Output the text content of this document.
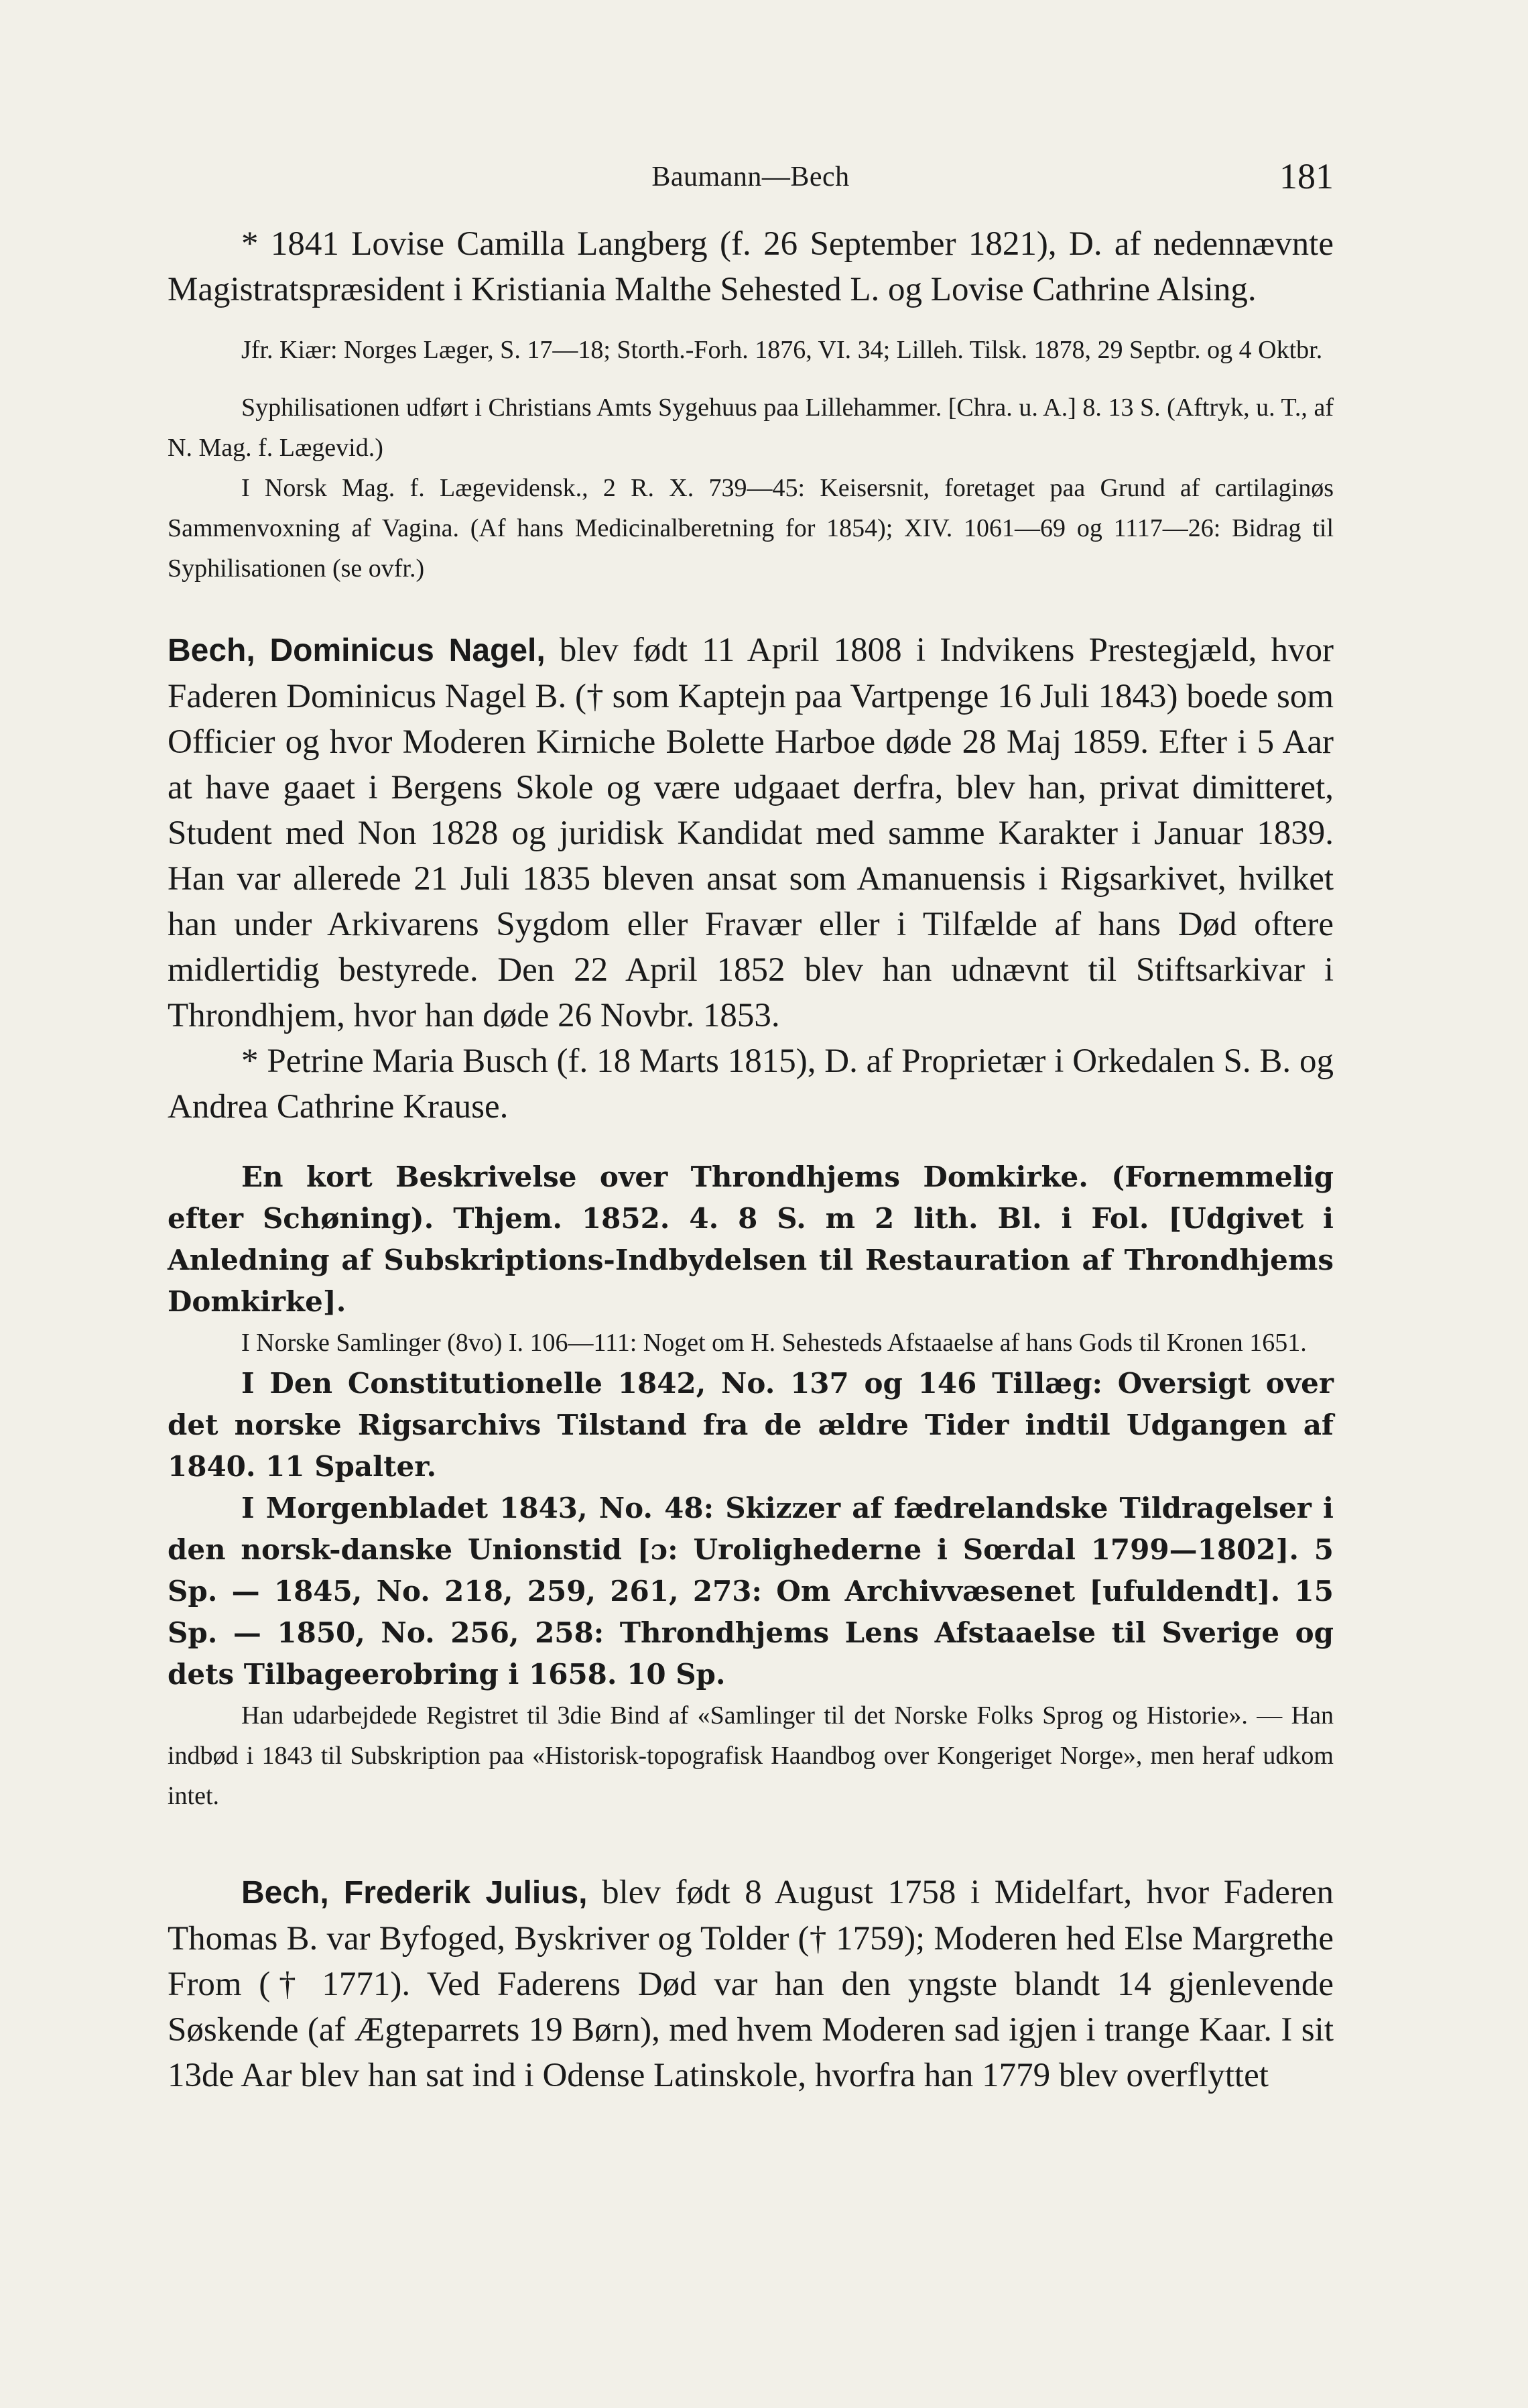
Baumann—Bech	181

* 1841 Lovise Camilla Langberg (f. 26 September 1821), D. af nedennævnte Magistratspræsident i Kristiania Malthe Sehested L. og Lovise Cathrine Alsing.

Jfr. Kiær: Norges Læger, S. 17—18; Storth.-Forh. 1876, VI. 34; Lilleh. Tilsk. 1878, 29 Septbr. og 4 Oktbr.

Syphilisationen udført i Christians Amts Sygehuus paa Lillehammer. [Chra. u. A.] 8. 13 S. (Aftryk, u. T., af N. Mag. f. Lægevid.)

I Norsk Mag. f. Lægevidensk., 2 R. X. 739—45: Keisersnit, foretaget paa Grund af cartilaginøs Sammenvoxning af Vagina. (Af hans Medicinalberetning for 1854); XIV. 1061—69 og 1117—26: Bidrag til Syphilisationen (se ovfr.)

Bech, Dominicus Nagel, blev født 11 April 1808 i Indvikens Prestegjæld, hvor Faderen Dominicus Nagel B. († som Kaptejn paa Vartpenge 16 Juli 1843) boede som Officier og hvor Moderen Kirniche Bolette Harboe døde 28 Maj 1859. Efter i 5 Aar at have gaaet i Bergens Skole og være udgaaet derfra, blev han, privat dimitteret, Student med Non 1828 og juridisk Kandidat med samme Karakter i Januar 1839. Han var allerede 21 Juli 1835 bleven ansat som Amanuensis i Rigsarkivet, hvilket han under Arkivarens Sygdom eller Fravær eller i Tilfælde af hans Død oftere midlertidig bestyrede. Den 22 April 1852 blev han udnævnt til Stiftsarkivar i Throndhjem, hvor han døde 26 Novbr. 1853.

* Petrine Maria Busch (f. 18 Marts 1815), D. af Proprietær i Orkedalen S. B. og Andrea Cathrine Krause.

En kort Beskrivelse over Throndhjems Domkirke. (Fornemmelig efter Schøning). Thjem. 1852. 4. 8 S. m 2 lith. Bl. i Fol. [Udgivet i Anledning af Subskriptions-Indbydelsen til Restauration af Throndhjems Domkirke].

I Norske Samlinger (8vo) I. 106—111: Noget om H. Sehesteds Afstaaelse af hans Gods til Kronen 1651.

I Den Constitutionelle 1842, No. 137 og 146 Tillæg: Oversigt over det norske Rigsarchivs Tilstand fra de ældre Tider indtil Udgangen af 1840. 11 Spalter.

I Morgenbladet 1843, No. 48: Skizzer af fædrelandske Tildragelser i den norsk-danske Unionstid [ɔ: Urolighederne i Sœrdal 1799—1802]. 5 Sp. — 1845, No. 218, 259, 261, 273: Om Archivvæsenet [ufuldendt]. 15 Sp. — 1850, No. 256, 258: Throndhjems Lens Afstaaelse til Sverige og dets Tilbageerobring i 1658. 10 Sp.

Han udarbejdede Registret til 3die Bind af «Samlinger til det Norske Folks Sprog og Historie». — Han indbød i 1843 til Subskription paa «Historisk-topografisk Haandbog over Kongeriget Norge», men heraf udkom intet.

Bech, Frederik Julius, blev født 8 August 1758 i Midelfart, hvor Faderen Thomas B. var Byfoged, Byskriver og Tolder († 1759); Moderen hed Else Margrethe From († 1771). Ved Faderens Død var han den yngste blandt 14 gjenlevende Søskende (af Ægteparrets 19 Børn), med hvem Moderen sad igjen i trange Kaar. I sit 13de Aar blev han sat ind i Odense Latinskole, hvorfra han 1779 blev overflyttet
